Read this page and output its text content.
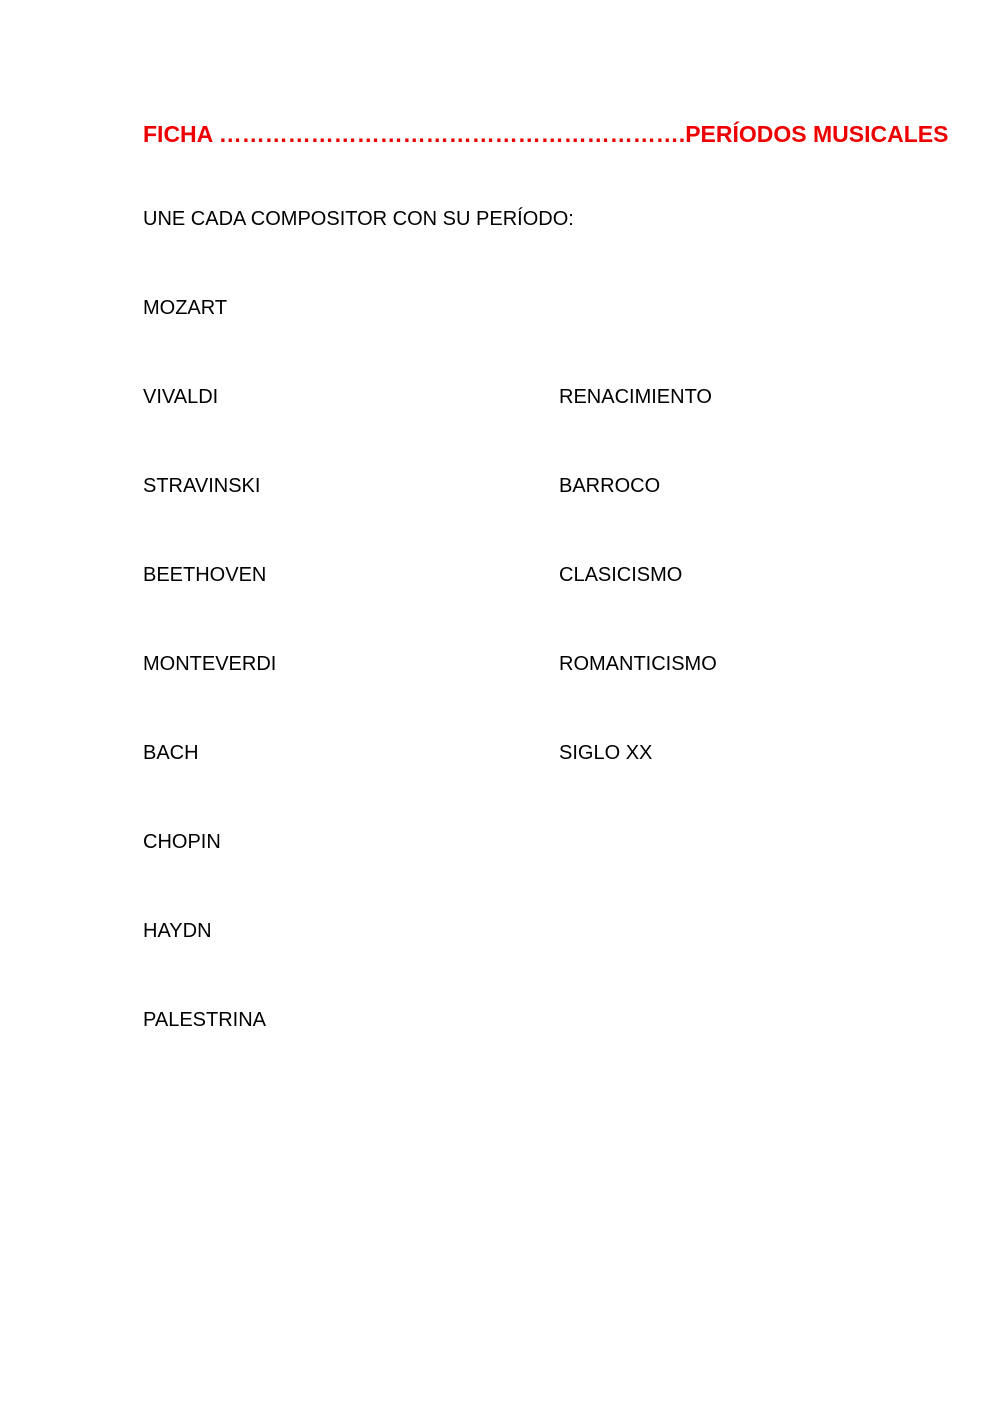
FICHA …………………………………………………….PERÍODOS MUSICALES
UNE CADA COMPOSITOR CON SU PERÍODO:
MOZART
VIVALDI
STRAVINSKI
BEETHOVEN
MONTEVERDI
BACH
CHOPIN
HAYDN
PALESTRINA
RENACIMIENTO
BARROCO
CLASICISMO
ROMANTICISMO
SIGLO XX
